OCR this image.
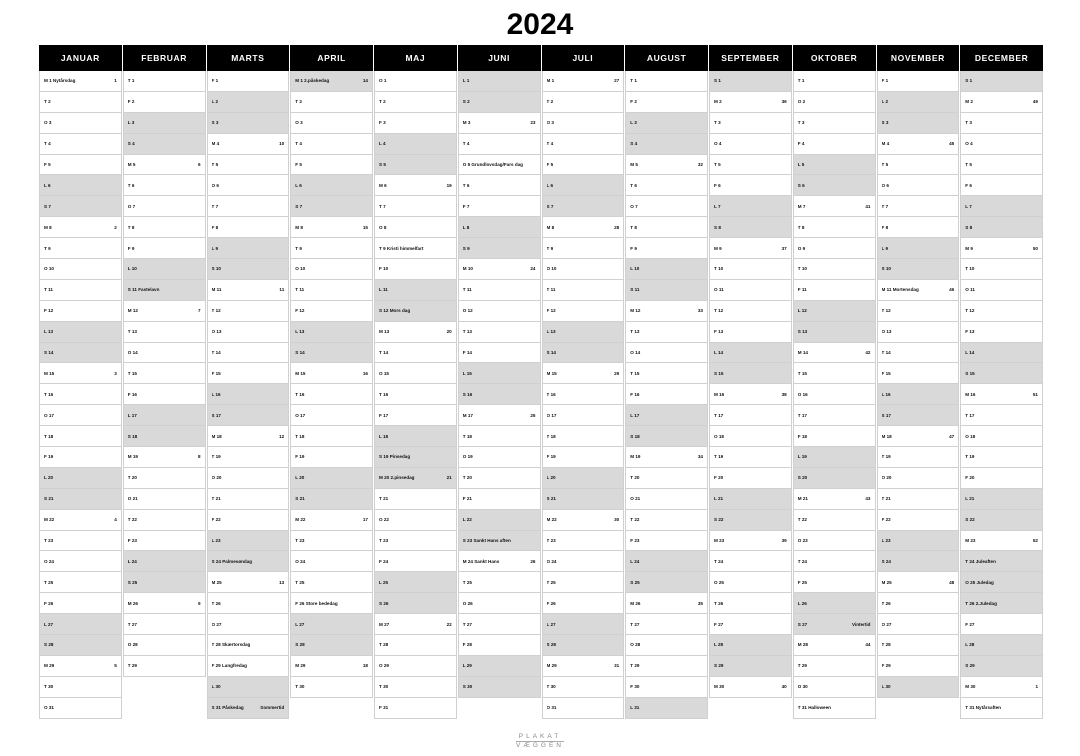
2024
JANUAR
M 1 Nytårsdag	1
T 2
O 3
T 4
F 5
L 6
S 7
M 8	2
T 9
O 10
T 11
F 12
L 13
S 14
M 15	3
T 16
O 17
T 18
F 19
L 20
S 21
M 22	4
T 23
O 24
T 25
F 26
L 27
S 28
M 29	5
T 30
O 31
FEBRUAR
T 1
F 2
L 3
S 4
M 5	6
T 6
O 7
T 8
F 9
L 10
S 11 Fastelavn
M 12	7
T 13
O 14
T 15
F 16
L 17
S 18
M 19	8
T 20
O 21
T 22
F 23
L 24
S 25
M 26	9
T 27
O 28
T 29
MARTS
F 1
L 2
S 3
M 4	10
T 5
O 6
T 7
F 8
L 9
S 10
M 11	11
T 12
O 13
T 14
F 15
L 16
S 17
M 18	12
T 19
O 20
T 21
F 22
L 23
S 24 Palmesøndag
M 25	13
T 26
O 27
T 28 Skærtorsdag
F 29 Langfredag
L 30
S 31 Påskedag	Sommertid
APRIL
M 1 2.påskedag	14
T 2
O 3
T 4
F 5
L 6
S 7
M 8	15
T 9
O 10
T 11
F 12
L 13
S 14
M 15	16
T 16
O 17
T 18
F 19
L 20
S 21
M 22	17
T 23
O 24
T 25
F 26 Store bededag
L 27
S 28
M 29	18
T 30
MAJ
O 1
T 2
F 3
L 4
S 5
M 6	19
T 7
O 8
T 9 Kristi himmelfart
F 10
L 11
S 12 Mors dag
M 13	20
T 14
O 15
T 16
F 17
L 18
S 19 Pinsedag
M 20 2.pinsedag	21
T 21
O 22
T 23
F 24
L 25
S 26
M 27	22
T 28
O 29
T 30
F 31
JUNI
L 1
S 2
M 3	23
T 4
O 5 Grundlovsdag/Fars dag
T 6
F 7
L 8
S 9
M 10	24
T 11
O 12
T 13
F 14
L 15
S 16
M 17	25
T 18
O 19
T 20
F 21
L 22
S 23 Sankt Hans aften
M 24 Sankt Hans	26
T 25
O 26
T 27
F 28
L 29
S 30
JULI
M 1	27
T 2
O 3
T 4
F 5
L 6
S 7
M 8	28
T 9
O 10
T 11
F 12
L 13
S 14
M 15	29
T 16
O 17
T 18
F 19
L 20
S 21
M 22	30
T 23
O 24
T 25
F 26
L 27
S 28
M 29	31
T 30
O 31
AUGUST
T 1
F 2
L 3
S 4
M 5	32
T 6
O 7
T 8
F 9
L 10
S 11
M 12	33
T 13
O 14
T 15
F 16
L 17
S 18
M 19	34
T 20
O 21
T 22
F 23
L 24
S 25
M 26	35
T 27
O 28
T 29
F 30
L 31
SEPTEMBER
S 1
M 2	36
T 3
O 4
T 5
F 6
L 7
S 8
M 9	37
T 10
O 11
T 12
F 13
L 14
S 15
M 16	38
T 17
O 18
T 19
F 20
L 21
S 22
M 23	39
T 24
O 25
T 26
F 27
L 28
S 29
M 30	40
OKTOBER
T 1
O 2
T 3
F 4
L 5
S 6
M 7	41
T 8
O 9
T 10
F 11
L 12
S 13
M 14	42
T 15
O 16
T 17
F 18
L 19
S 20
M 21	43
T 22
O 23
T 24
F 25
L 26
S 27	Vintertid
M 28	44
T 29
O 30
T 31 Halloween
NOVEMBER
F 1
L 2
S 3
M 4	45
T 5
O 6
T 7
F 8
L 9
S 10
M 11 Mortensdag	46
T 12
O 13
T 14
F 15
L 16
S 17
M 18	47
T 19
O 20
T 21
F 22
L 23
S 24
M 25	48
T 26
O 27
T 28
F 29
L 30
DECEMBER
S 1
M 2	49
T 3
O 4
T 5
F 6
L 7
S 8
M 9	50
T 10
O 11
T 12
F 13
L 14
S 15
M 16	51
T 17
O 18
T 19
F 20
L 21
S 22
M 23	52
T 24 Juleaften
O 25 Juledag
T 26 2.Juledag
F 27
L 28
S 29
M 30	1
T 31 Nytårsaften
PLAKAT
VÆGGEN
